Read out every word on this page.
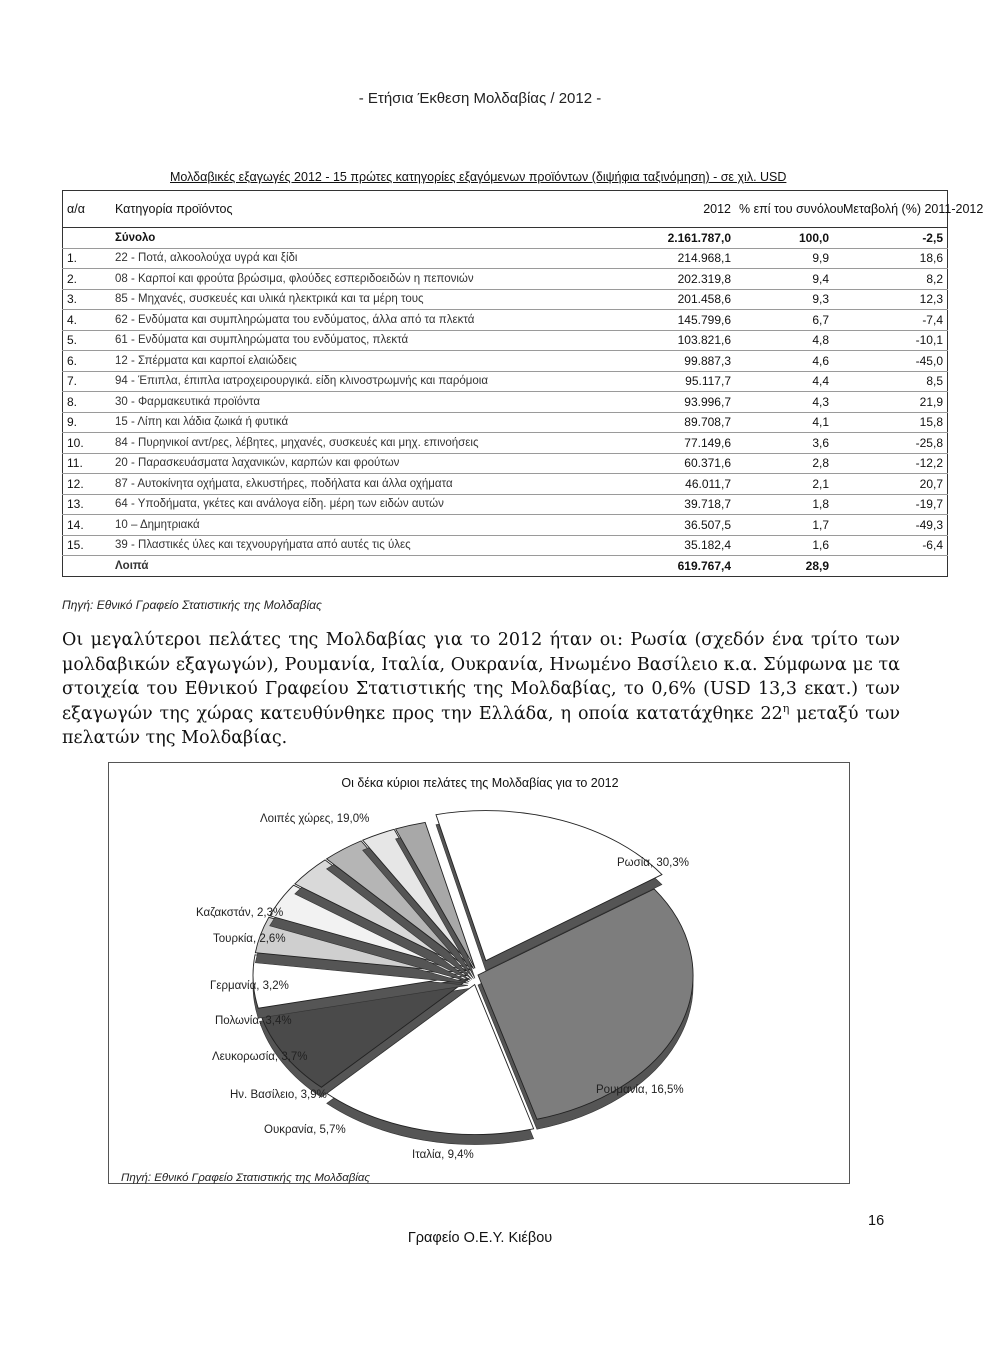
- Ετήσια Έκθεση Μολδαβίας / 2012 -
Μολδαβικές εξαγωγές 2012 - 15 πρώτες κατηγορίες εξαγόμενων προϊόντων (διψήφια ταξινόμηση) - σε χιλ. USD
α/α	Κατηγορία προϊόντος	2012	% επί του συνόλου	Μεταβολή (%) 2011-2012
	Σύνολο	2.161.787,0	100,0	-2,5
1.	22 - Ποτά, αλκοολούχα υγρά και ξίδι	214.968,1	9,9	18,6
2.	08 - Καρποί και φρούτα βρώσιμα, φλούδες εσπεριδοειδών η πεπονιών	202.319,8	9,4	8,2
3.	85 - Μηχανές, συσκευές και υλικά ηλεκτρικά και τα μέρη τους	201.458,6	9,3	12,3
4.	62 - Ενδύματα και συμπληρώματα του ενδύματος, άλλα από τα πλεκτά	145.799,6	6,7	-7,4
5.	61 - Ενδύματα και συμπληρώματα του ενδύματος, πλεκτά	103.821,6	4,8	-10,1
6.	12 - Σπέρματα και καρποί ελαιώδεις	99.887,3	4,6	-45,0
7.	94 - Έπιπλα, έπιπλα ιατροχειρουργικά. είδη κλινοστρωμνής και παρόμοια	95.117,7	4,4	8,5
8.	30 - Φαρμακευτικά προϊόντα	93.996,7	4,3	21,9
9.	15 - Λίπη και λάδια ζωικά ή φυτικά	89.708,7	4,1	15,8
10.	84 - Πυρηνικοί αντ/ρες, λέβητες, μηχανές, συσκευές και μηχ. επινοήσεις	77.149,6	3,6	-25,8
11.	20 - Παρασκευάσματα λαχανικών, καρπών και φρούτων	60.371,6	2,8	-12,2
12.	87 - Αυτοκίνητα οχήματα, ελκυστήρες, ποδήλατα και άλλα οχήματα	46.011,7	2,1	20,7
13.	64 - Υποδήματα, γκέτες και ανάλογα είδη. μέρη των ειδών αυτών	39.718,7	1,8	-19,7
14.	10 – Δημητριακά	36.507,5	1,7	-49,3
15.	39 - Πλαστικές ύλες και τεχνουργήματα από αυτές τις ύλες	35.182,4	1,6	-6,4
	Λοιπά	619.767,4	28,9	
Πηγή: Εθνικό Γραφείο Στατιστικής της Μολδαβίας

Οι μεγαλύτεροι πελάτες της Μολδαβίας για το 2012 ήταν οι: Ρωσία (σχεδόν ένα τρίτο των μολδαβικών εξαγωγών), Ρουμανία, Ιταλία, Ουκρανία, Ηνωμένο Βασίλειο κ.α. Σύμφωνα με τα στοιχεία του Εθνικού Γραφείου Στατιστικής της Μολδαβίας, το 0,6% (USD 13,3 εκατ.) των εξαγωγών της χώρας κατευθύνθηκε προς την Ελλάδα, η οποία κατατάχθηκε $22^\eta$ μεταξύ των πελατών της Μολδαβίας.

Οι δέκα κύριοι πελάτες της Μολδαβίας για το 2012
Ρωσία, 30,3%
Ρουμανία, 16,5%
Ιταλία, 9,4%
Ουκρανία, 5,7%
Ην. Βασίλειο, 3,9%
Λευκορωσία, 3,7%
Πολωνία, 3,4%
Γερμανία, 3,2%
Τουρκία, 2,6%
Καζακστάν, 2,3%
Λοιπές χώρες, 19,0%
Πηγή: Εθνικό Γραφείο Στατιστικής της Μολδαβίας
Γραφείο Ο.Ε.Υ. Κιέβου
16
